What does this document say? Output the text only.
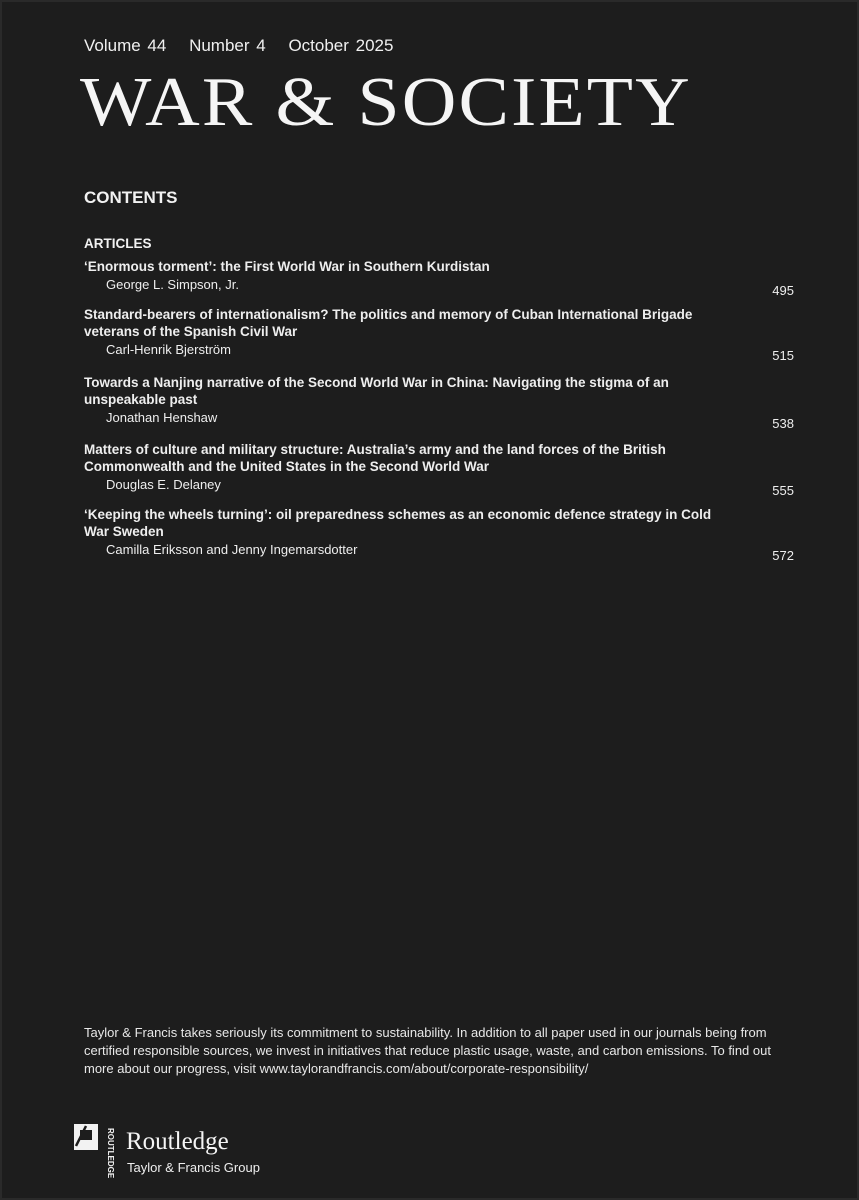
Volume 44 Number 4 October 2025
WAR & SOCIETY
CONTENTS
ARTICLES
‘Enormous torment’: the First World War in Southern Kurdistan
George L. Simpson, Jr.	495
Standard-bearers of internationalism? The politics and memory of Cuban International Brigade veterans of the Spanish Civil War
Carl-Henrik Bjerström	515
Towards a Nanjing narrative of the Second World War in China: Navigating the stigma of an unspeakable past
Jonathan Henshaw	538
Matters of culture and military structure: Australia’s army and the land forces of the British Commonwealth and the United States in the Second World War
Douglas E. Delaney	555
‘Keeping the wheels turning’: oil preparedness schemes as an economic defence strategy in Cold War Sweden
Camilla Eriksson and Jenny Ingemarsdotter	572
Taylor & Francis takes seriously its commitment to sustainability. In addition to all paper used in our journals being from certified responsible sources, we invest in initiatives that reduce plastic usage, waste, and carbon emissions. To find out more about our progress, visit www.taylorandfrancis.com/about/corporate-responsibility/
ROUTLEDGE Routledge
Taylor & Francis Group
